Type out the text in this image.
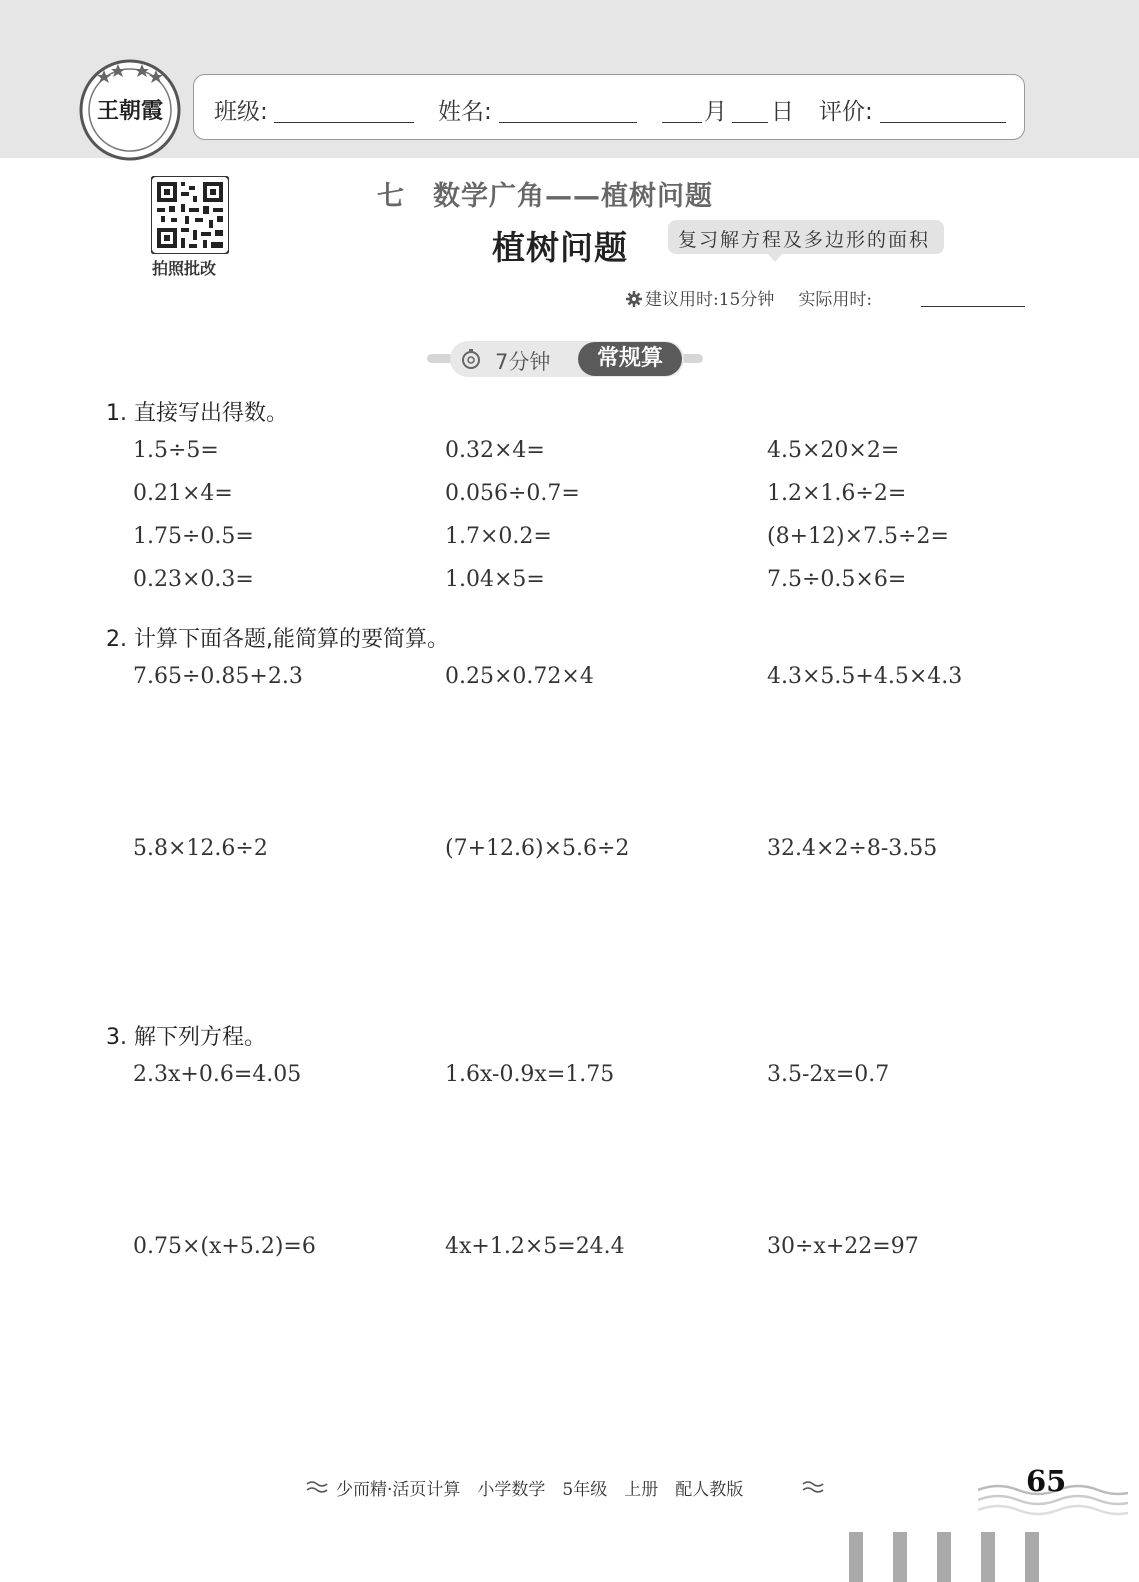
王朝霞 班级:	姓名:	月 日 评价:
拍照批改
七　数学广角——植树问题
植树问题	复习解方程及多边形的面积
建议用时:15分钟 实际用时:
7分钟	常规算
1. 直接写出得数。
1.5÷5=	0.32×4=	4.5×20×2=
0.21×4=	0.056÷0.7=	1.2×1.6÷2=
1.75÷0.5=	1.7×0.2=	(8+12)×7.5÷2=
0.23×0.3=	1.04×5=	7.5÷0.5×6=
2. 计算下面各题,能简算的要简算。
7.65÷0.85+2.3	0.25×0.72×4	4.3×5.5+4.5×4.3
5.8×12.6÷2	(7+12.6)×5.6÷2	32.4×2÷8-3.55
3. 解下列方程。
2.3x+0.6=4.05	1.6x-0.9x=1.75	3.5-2x=0.7
0.75×(x+5.2)=6	4x+1.2×5=24.4	30÷x+22=97
少而精·活页计算　小学数学　5年级　上册　配人教版	65
